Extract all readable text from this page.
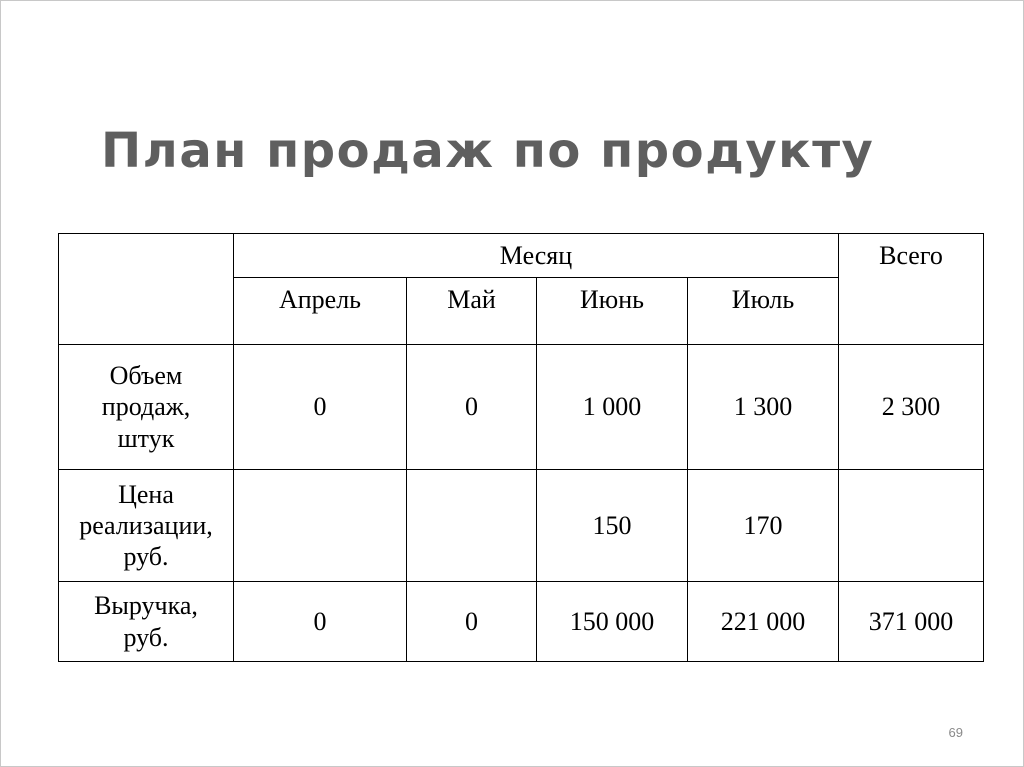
План продаж по продукту
	Месяц				Всего
	Апрель	Май	Июнь	Июль	

Объем
продаж,
штук	0	0	1 000	1 300	2 300

Цена
реализации,
руб.			150	170	

Выручка,
руб.	0	0	150 000	221 000	371 000
69
